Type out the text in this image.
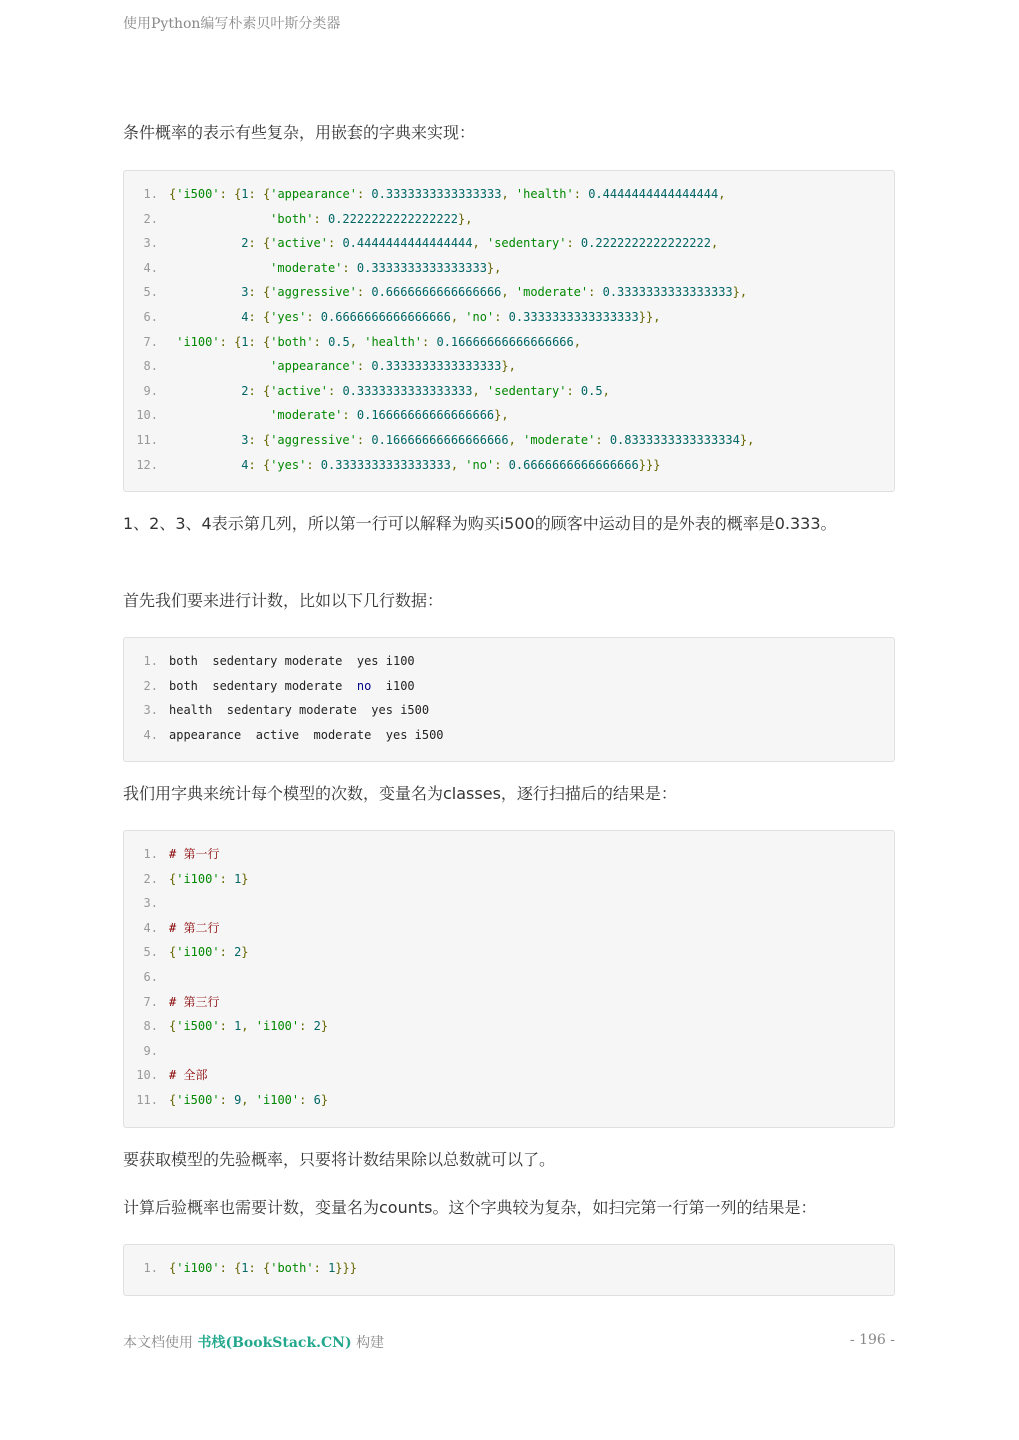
使用Python编写朴素贝叶斯分类器
条件概率的表示有些复杂，用嵌套的字典来实现：
1. {'i500': {1: {'appearance': 0.3333333333333333, 'health': 0.4444444444444444,
2.	'both': 0.2222222222222222},
3.	2: {'active': 0.4444444444444444, 'sedentary': 0.2222222222222222,
4.	'moderate': 0.3333333333333333},
5.	3: {'aggressive': 0.6666666666666666, 'moderate': 0.3333333333333333},
6.	4: {'yes': 0.6666666666666666, 'no': 0.3333333333333333}},
7. 'i100': {1: {'both': 0.5, 'health': 0.16666666666666666,
8.	'appearance': 0.3333333333333333},
9.	2: {'active': 0.3333333333333333, 'sedentary': 0.5,
10.	'moderate': 0.16666666666666666},
11.	3: {'aggressive': 0.16666666666666666, 'moderate': 0.8333333333333334},
12.	4: {'yes': 0.3333333333333333, 'no': 0.6666666666666666}}}
1、2、3、4表示第几列，所以第一行可以解释为购买i500的顾客中运动目的是外表的概率是0.333。
首先我们要来进行计数，比如以下几行数据：
1. both  sedentary moderate  yes i100
2. both  sedentary moderate  no  i100
3. health  sedentary moderate  yes i500
4. appearance  active  moderate  yes i500
我们用字典来统计每个模型的次数，变量名为classes，逐行扫描后的结果是：
1. # 第一行
2. {'i100': 1}
3.
4. # 第二行
5. {'i100': 2}
6.
7. # 第三行
8. {'i500': 1, 'i100': 2}
9.
10. # 全部
11. {'i500': 9, 'i100': 6}
要获取模型的先验概率，只要将计数结果除以总数就可以了。
计算后验概率也需要计数，变量名为counts。这个字典较为复杂，如扫完第一行第一列的结果是：
1. {'i100': {1: {'both': 1}}}
本文档使用 书栈(BookStack.CN) 构建	- 196 -
